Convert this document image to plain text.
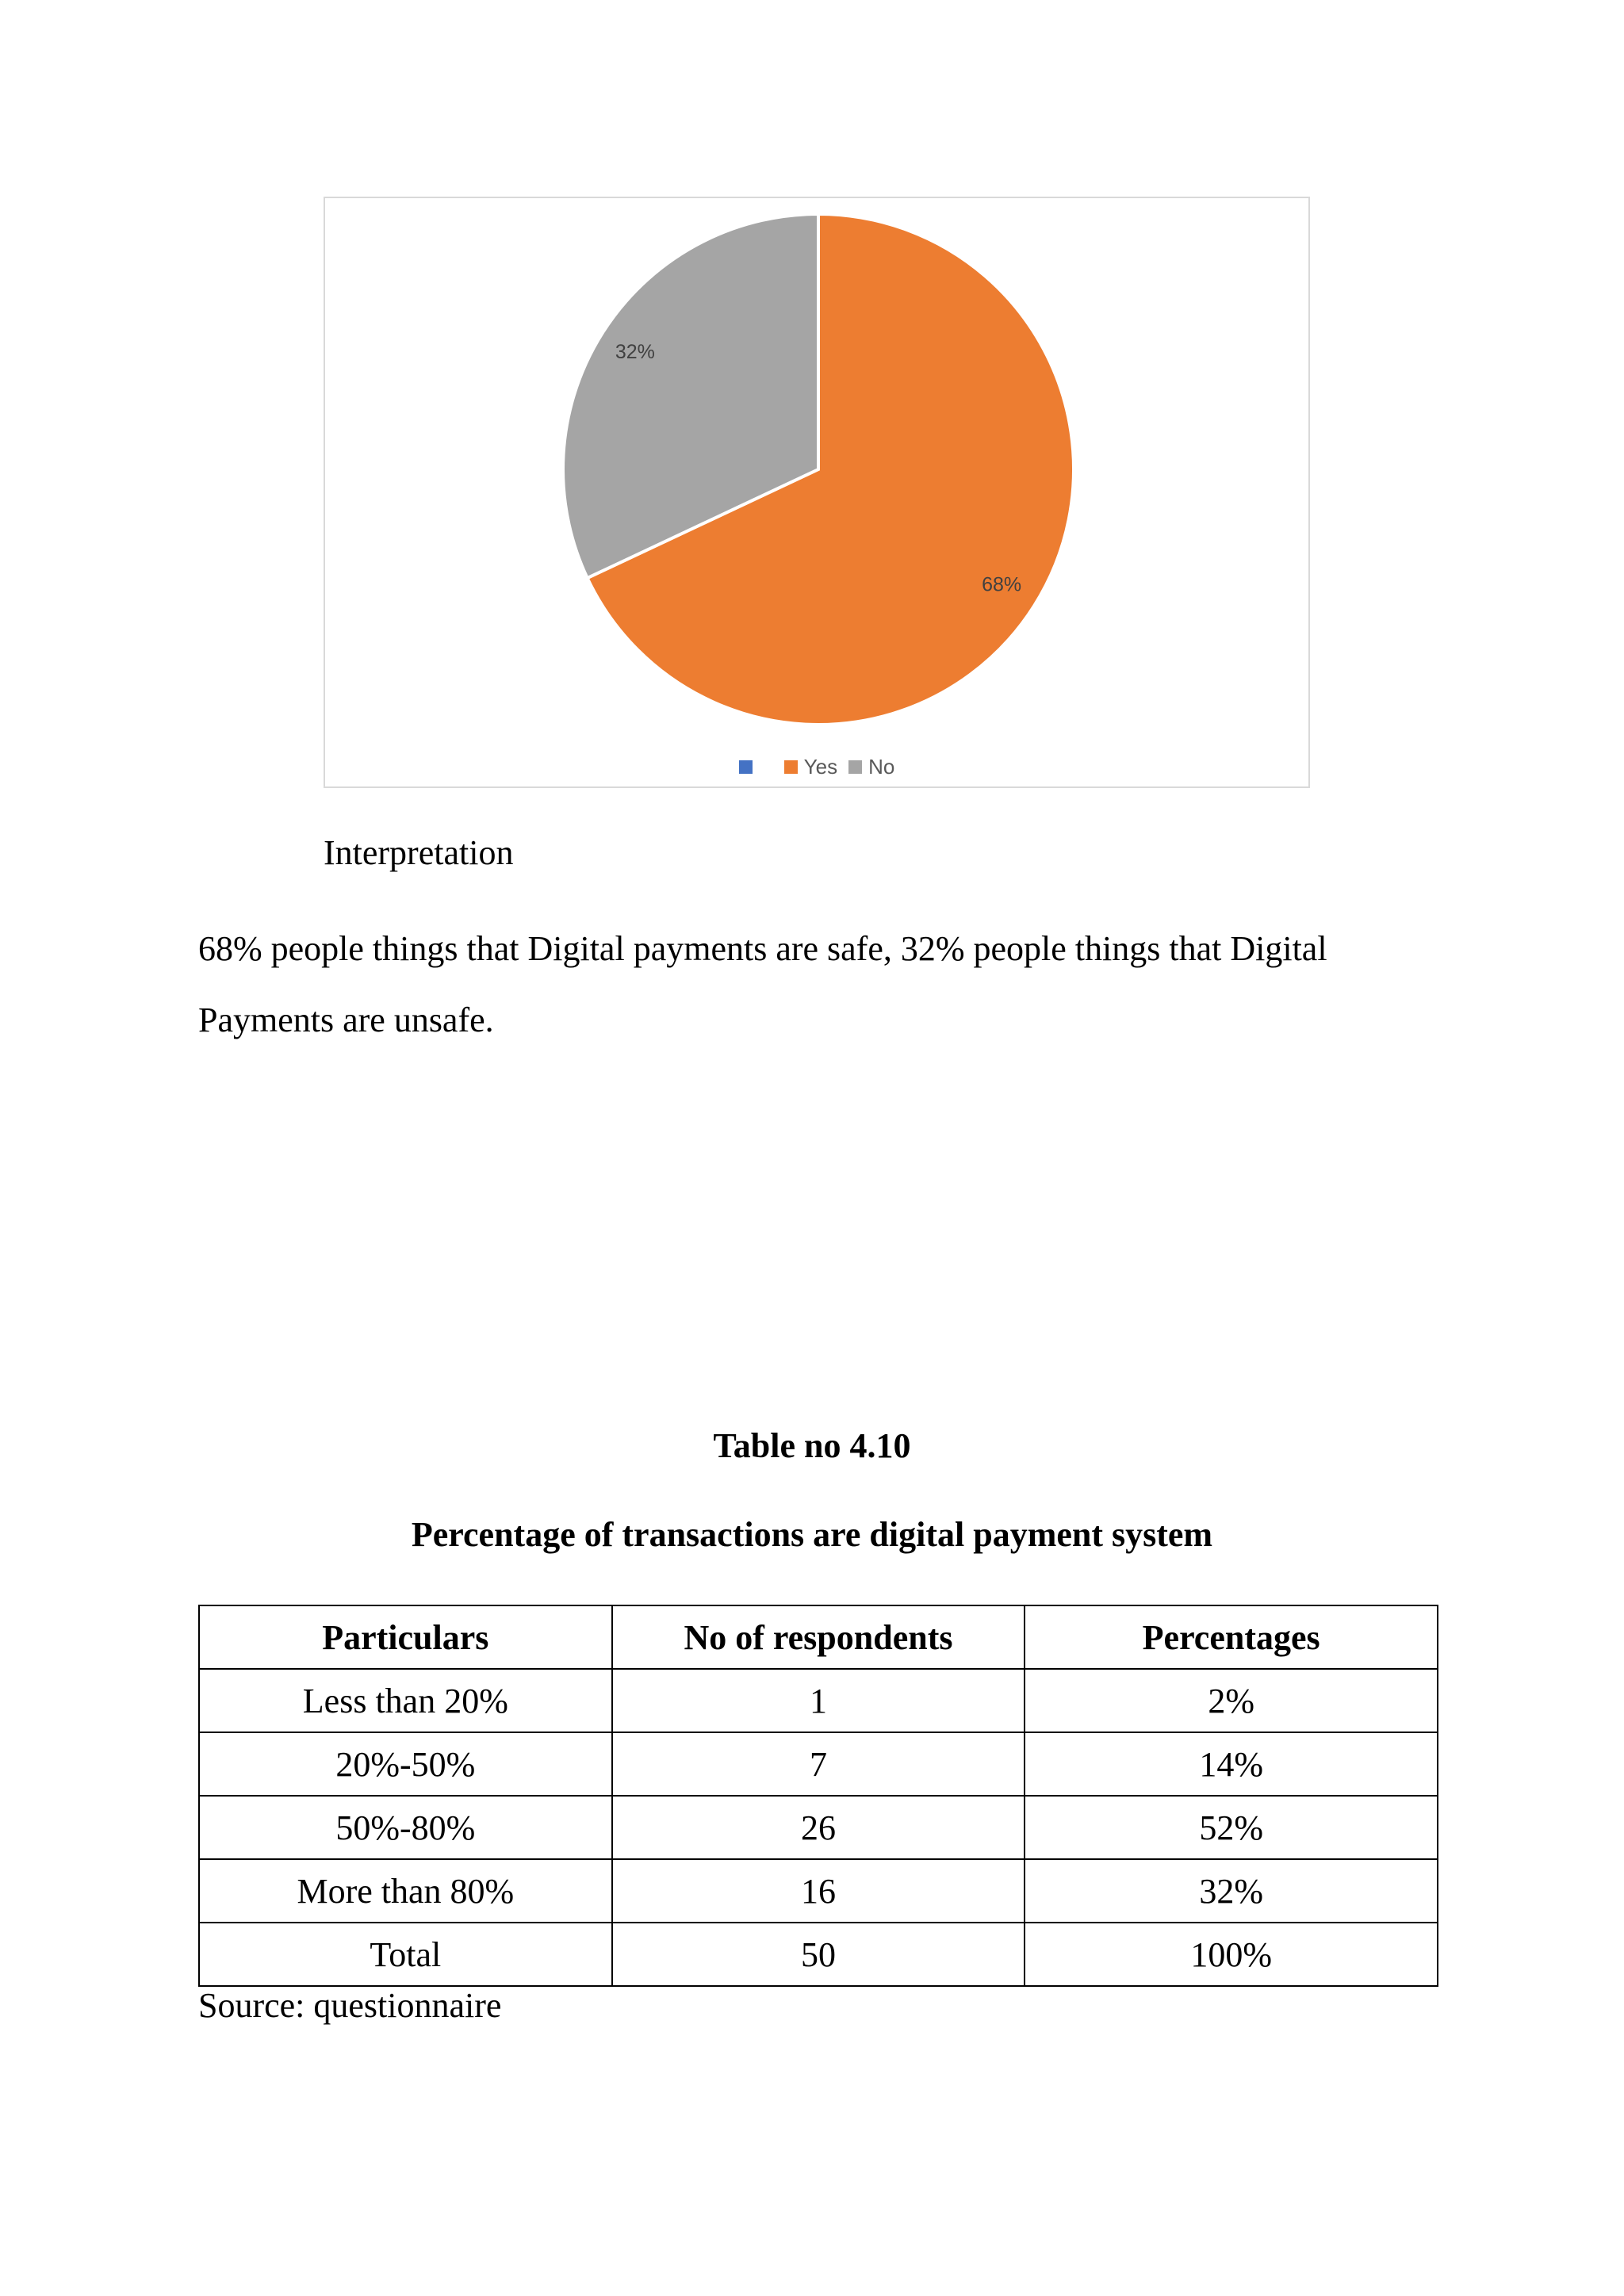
68%
32%
Yes No
Interpretation

68% people things that Digital payments are safe, 32% people things that Digital Payments are unsafe.

Table no 4.10
Percentage of transactions are digital payment system
Particulars	No of respondents	Percentages
Less than 20%	1	2%
20%-50%	7	14%
50%-80%	26	52%
More than 80%	16	32%
Total	50	100%

Source: questionnaire
